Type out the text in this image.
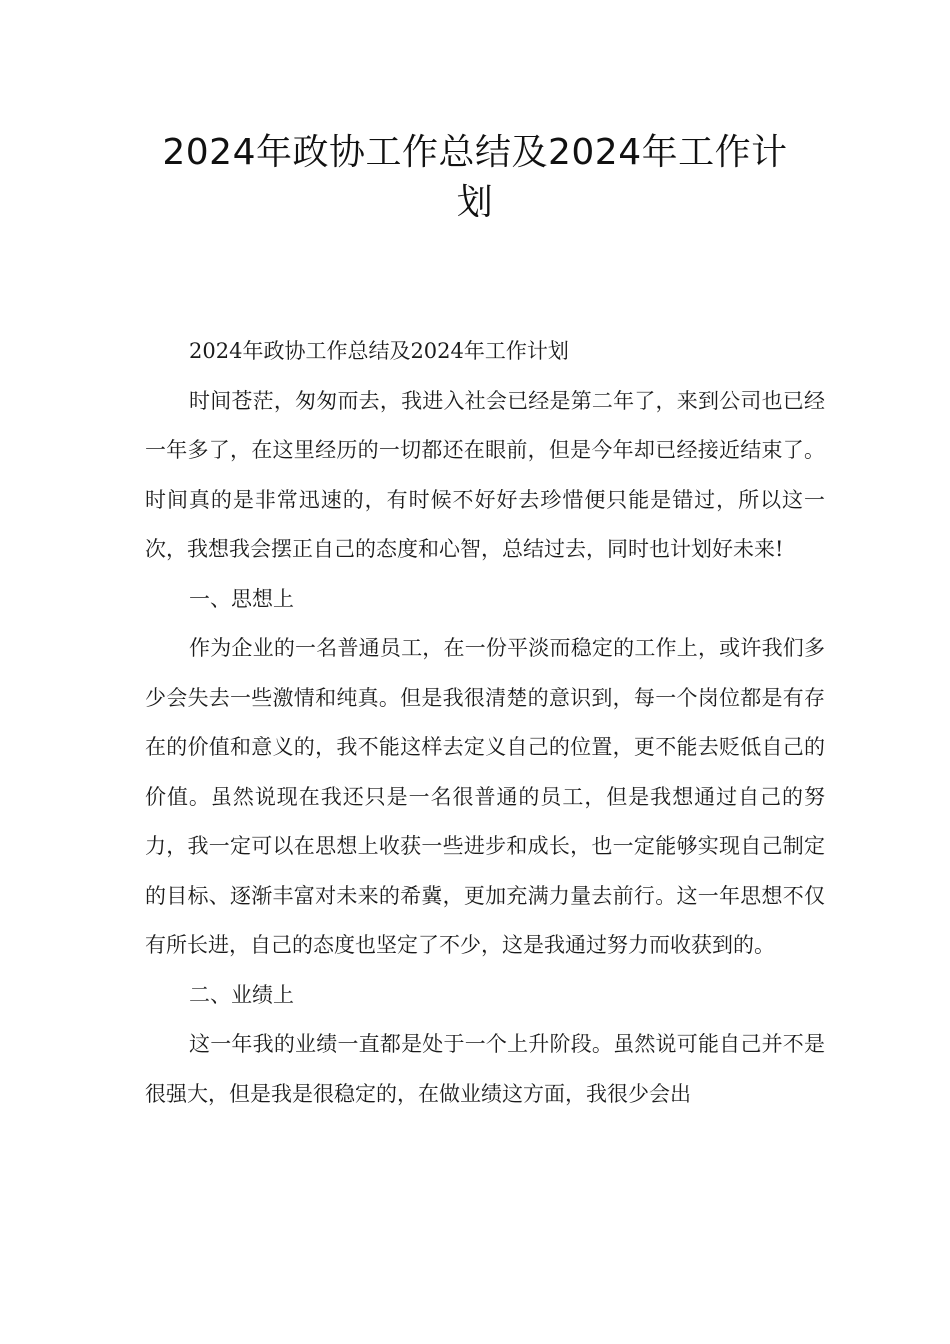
2024年政协工作总结及2024年工作计划

2024年政协工作总结及2024年工作计划

时间苍茫，匆匆而去，我进入社会已经是第二年了，来到公司也已经一年多了，在这里经历的一切都还在眼前，但是今年却已经接近结束了。时间真的是非常迅速的，有时候不好好去珍惜便只能是错过，所以这一次，我想我会摆正自己的态度和心智，总结过去，同时也计划好未来!

一、思想上

作为企业的一名普通员工，在一份平淡而稳定的工作上，或许我们多少会失去一些激情和纯真。但是我很清楚的意识到，每一个岗位都是有存在的价值和意义的，我不能这样去定义自己的位置，更不能去贬低自己的价值。虽然说现在我还只是一名很普通的员工，但是我想通过自己的努力，我一定可以在思想上收获一些进步和成长，也一定能够实现自己制定的目标、逐渐丰富对未来的希冀，更加充满力量去前行。这一年思想不仅有所长进，自己的态度也坚定了不少，这是我通过努力而收获到的。

二、业绩上

这一年我的业绩一直都是处于一个上升阶段。虽然说可能自己并不是很强大，但是我是很稳定的，在做业绩这方面，我很少会出
